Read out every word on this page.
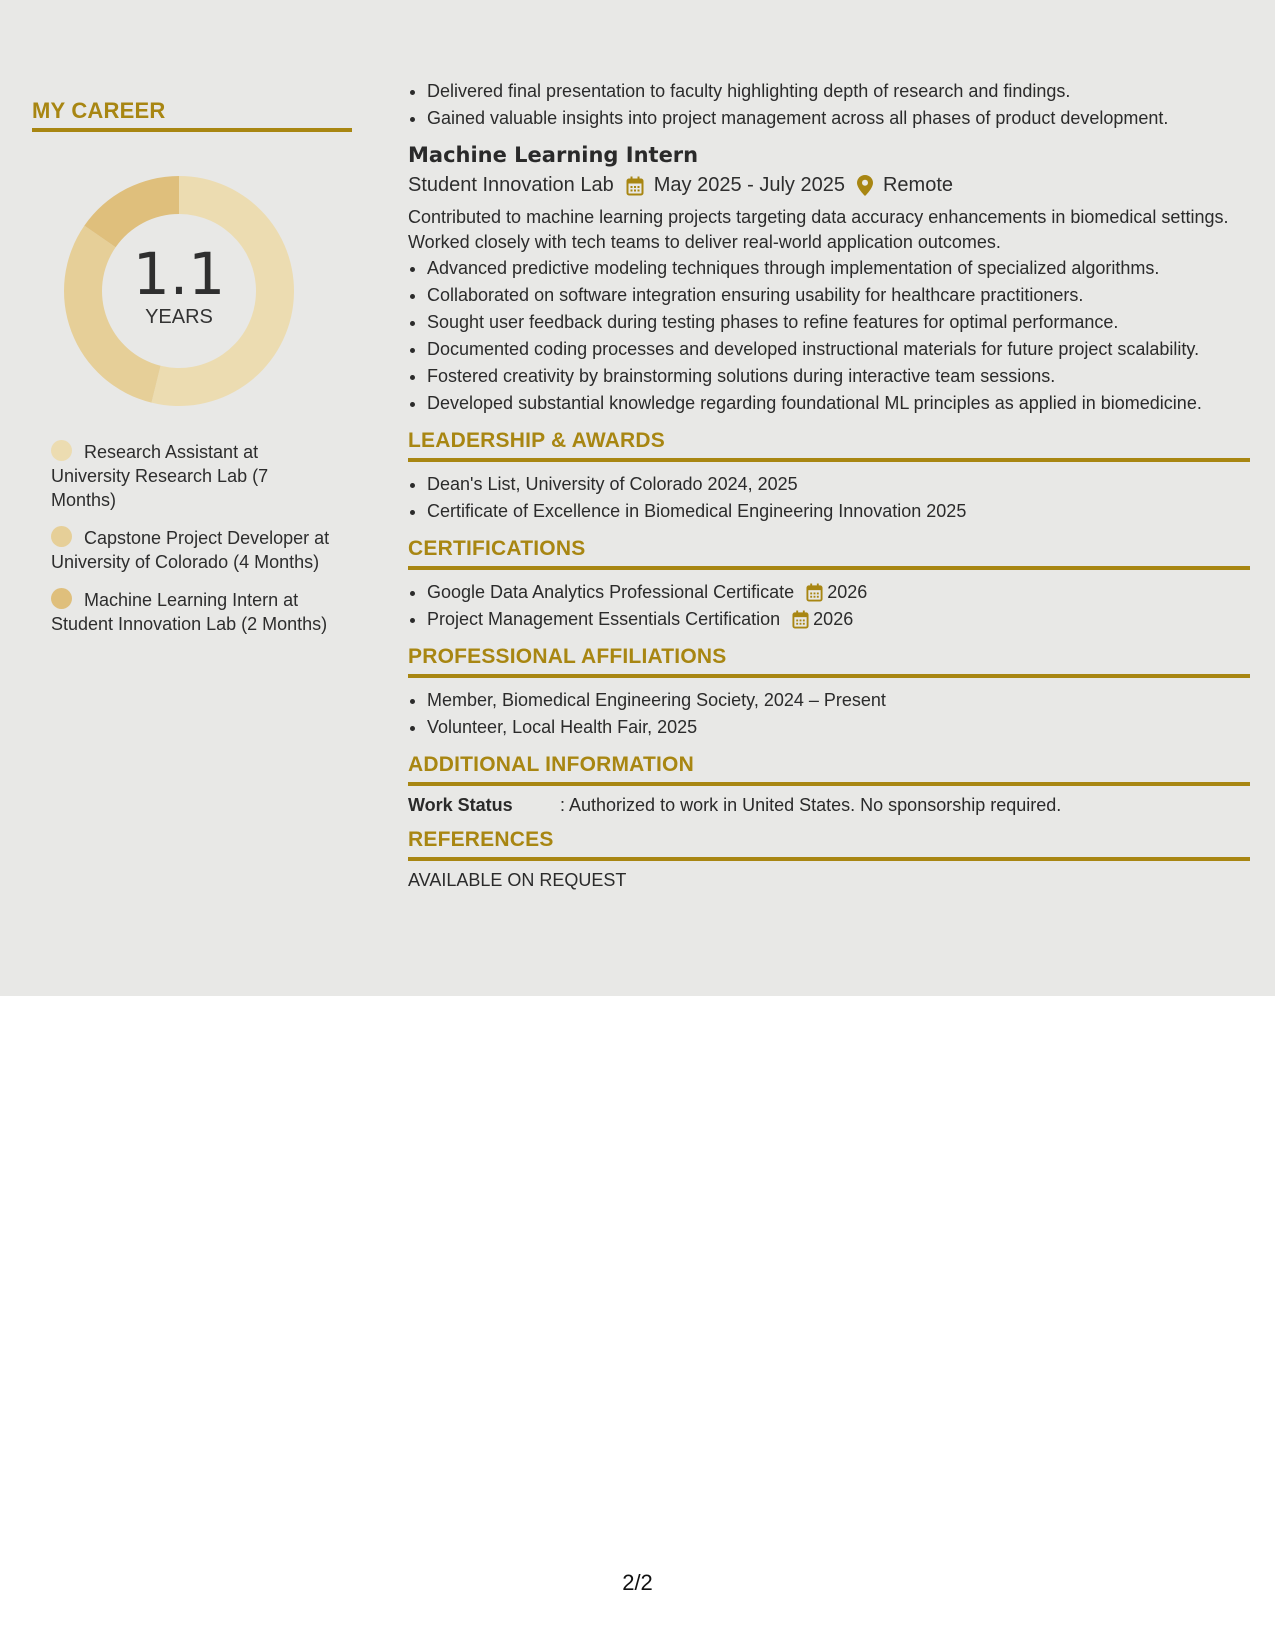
MY CAREER
1.1
YEARS
Research Assistant at University Research Lab (7 Months)
Capstone Project Developer at University of Colorado (4 Months)
Machine Learning Intern at Student Innovation Lab (2 Months)
• Delivered final presentation to faculty highlighting depth of research and findings.
• Gained valuable insights into project management across all phases of product development.
Machine Learning Intern
Student Innovation Lab May 2025 - July 2025 Remote
Contributed to machine learning projects targeting data accuracy enhancements in biomedical settings. Worked closely with tech teams to deliver real-world application outcomes.
• Advanced predictive modeling techniques through implementation of specialized algorithms.
• Collaborated on software integration ensuring usability for healthcare practitioners.
• Sought user feedback during testing phases to refine features for optimal performance.
• Documented coding processes and developed instructional materials for future project scalability.
• Fostered creativity by brainstorming solutions during interactive team sessions.
• Developed substantial knowledge regarding foundational ML principles as applied in biomedicine.
LEADERSHIP & AWARDS
• Dean's List, University of Colorado 2024, 2025
• Certificate of Excellence in Biomedical Engineering Innovation 2025
CERTIFICATIONS
• Google Data Analytics Professional Certificate 2026
• Project Management Essentials Certification 2026
PROFESSIONAL AFFILIATIONS
• Member, Biomedical Engineering Society, 2024 – Present
• Volunteer, Local Health Fair, 2025
ADDITIONAL INFORMATION
Work Status	: Authorized to work in United States. No sponsorship required.
REFERENCES
AVAILABLE ON REQUEST
2/2
